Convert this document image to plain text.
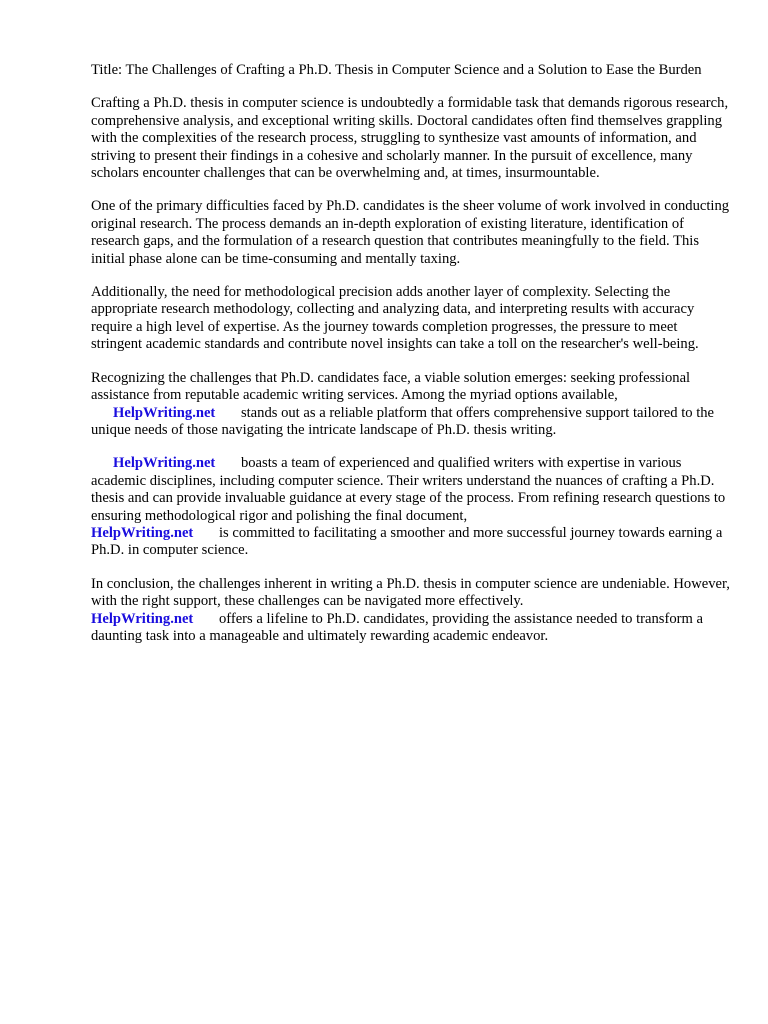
Title: The Challenges of Crafting a Ph.D. Thesis in Computer Science and a Solution to Ease the Burden

Crafting a Ph.D. thesis in computer science is undoubtedly a formidable task that demands rigorous research, comprehensive analysis, and exceptional writing skills. Doctoral candidates often find themselves grappling with the complexities of the research process, struggling to synthesize vast amounts of information, and striving to present their findings in a cohesive and scholarly manner. In the pursuit of excellence, many scholars encounter challenges that can be overwhelming and, at times, insurmountable.

One of the primary difficulties faced by Ph.D. candidates is the sheer volume of work involved in conducting original research. The process demands an in-depth exploration of existing literature, identification of research gaps, and the formulation of a research question that contributes meaningfully to the field. This initial phase alone can be time-consuming and mentally taxing.

Additionally, the need for methodological precision adds another layer of complexity. Selecting the appropriate research methodology, collecting and analyzing data, and interpreting results with accuracy require a high level of expertise. As the journey towards completion progresses, the pressure to meet stringent academic standards and contribute novel insights can take a toll on the researcher's well-being.

Recognizing the challenges that Ph.D. candidates face, a viable solution emerges: seeking professional assistance from reputable academic writing services. Among the myriad options available, HelpWriting.net stands out as a reliable platform that offers comprehensive support tailored to the unique needs of those navigating the intricate landscape of Ph.D. thesis writing.

HelpWriting.net boasts a team of experienced and qualified writers with expertise in various academic disciplines, including computer science. Their writers understand the nuances of crafting a Ph.D. thesis and can provide invaluable guidance at every stage of the process. From refining research questions to ensuring methodological rigor and polishing the final document,
HelpWriting.net is committed to facilitating a smoother and more successful journey towards earning a Ph.D. in computer science.

In conclusion, the challenges inherent in writing a Ph.D. thesis in computer science are undeniable. However, with the right support, these challenges can be navigated more effectively.
HelpWriting.net offers a lifeline to Ph.D. candidates, providing the assistance needed to transform a daunting task into a manageable and ultimately rewarding academic endeavor.
